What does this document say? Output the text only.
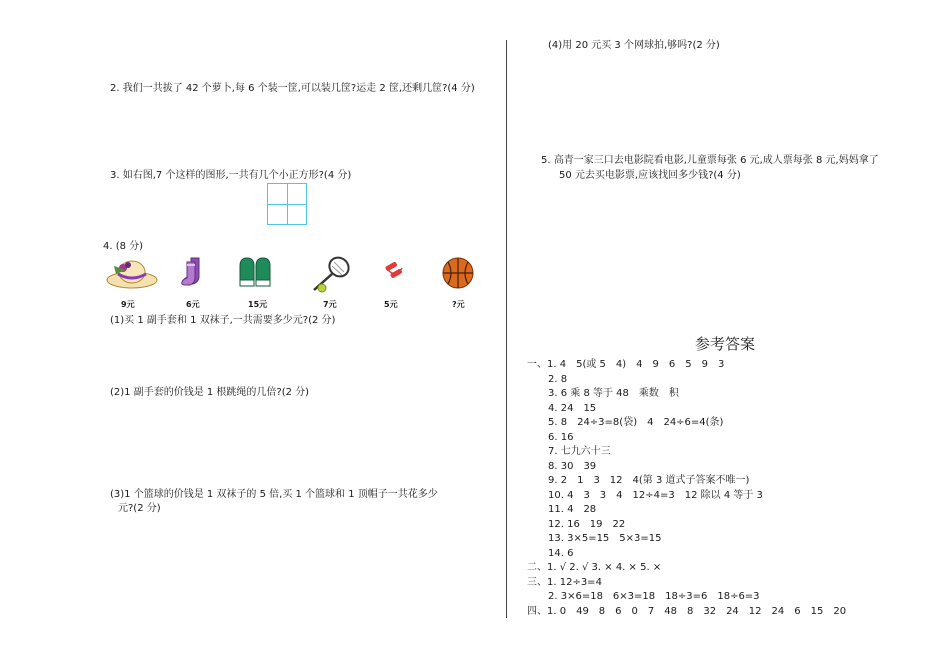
2. 我们一共拔了 42 个萝卜,每 6 个装一筐,可以装几筐?运走 2 筐,还剩几筐?(4 分)
3. 如右图,7 个这样的图形,一共有几个小正方形?(4 分)
4. (8 分)
9元	6元	15元	7元	5元	?元
(1)买 1 副手套和 1 双袜子,一共需要多少元?(2 分)
(2)1 副手套的价钱是 1 根跳绳的几倍?(2 分)
(3)1 个篮球的价钱是 1 双袜子的 5 倍,买 1 个篮球和 1 顶帽子一共花多少
元?(2 分)
(4)用 20 元买 3 个网球拍,够吗?(2 分)
5. 高青一家三口去电影院看电影,儿童票每张 6 元,成人票每张 8 元,妈妈拿了
50 元去买电影票,应该找回多少钱?(4 分)
参考答案
一、1. 4　5(或 5　4)　4　9　6　5　9　3
2. 8
3. 6 乘 8 等于 48　乘数　积
4. 24　15
5. 8　24÷3=8(袋)　4　24÷6=4(条)
6. 16
7. 七九六十三
8. 30　39
9. 2　1　3　12　4(第 3 道式子答案不唯一)
10. 4　3　3　4　12÷4=3　12 除以 4 等于 3
11. 4　28
12. 16　19　22
13. 3×5=15　5×3=15
14. 6
二、1. √ 2. √ 3. × 4. × 5. ×
三、1. 12÷3=4
2. 3×6=18　6×3=18　18÷3=6　18÷6=3
四、1. 0　49　8　6　0　7　48　8　32　24　12　24　6　15　20
